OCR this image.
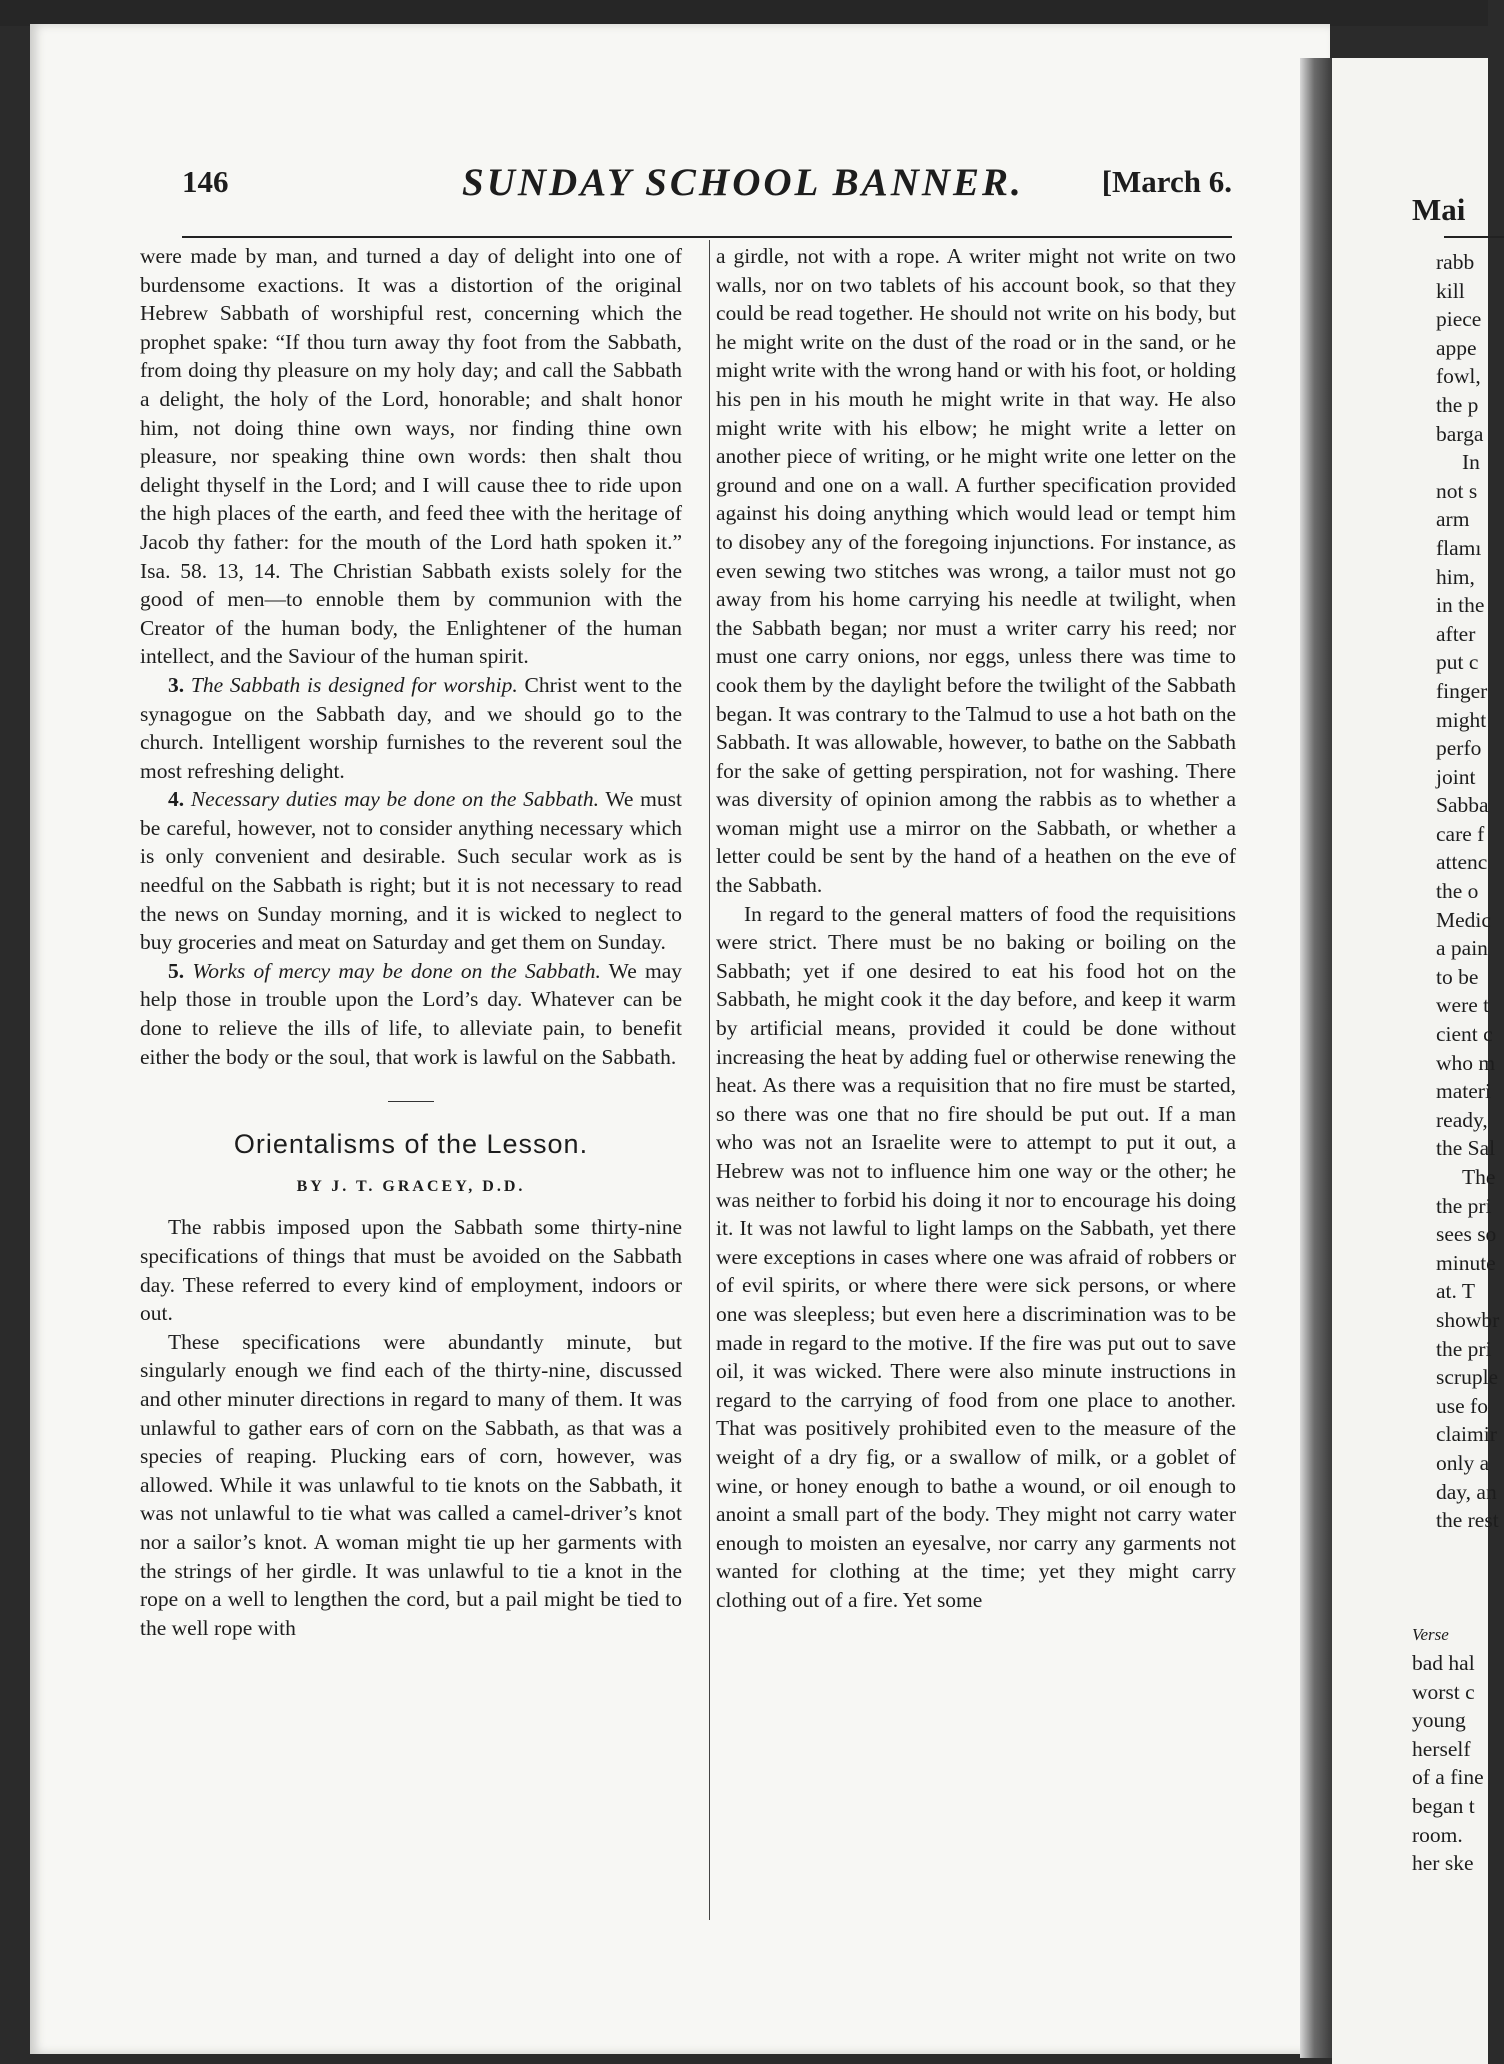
146	SUNDAY SCHOOL BANNER.	[March 6.

were made by man, and turned a day of delight into one of burdensome exactions. It was a distortion of the original Hebrew Sabbath of worshipful rest, concerning which the prophet spake: “If thou turn away thy foot from the Sabbath, from doing thy pleasure on my holy day; and call the Sabbath a delight, the holy of the Lord, honorable; and shalt honor him, not doing thine own ways, nor finding thine own pleasure, nor speaking thine own words: then shalt thou delight thyself in the Lord; and I will cause thee to ride upon the high places of the earth, and feed thee with the heritage of Jacob thy father: for the mouth of the Lord hath spoken it.” Isa. 58. 13, 14. The Christian Sabbath exists solely for the good of men—to ennoble them by communion with the Creator of the human body, the Enlightener of the human intellect, and the Saviour of the human spirit.

3. The Sabbath is designed for worship. Christ went to the synagogue on the Sabbath day, and we should go to the church. Intelligent worship furnishes to the reverent soul the most refreshing delight.

4. Necessary duties may be done on the Sabbath. We must be careful, however, not to consider anything necessary which is only convenient and desirable. Such secular work as is needful on the Sabbath is right; but it is not necessary to read the news on Sunday morning, and it is wicked to neglect to buy groceries and meat on Saturday and get them on Sunday.

5. Works of mercy may be done on the Sabbath. We may help those in trouble upon the Lord’s day. Whatever can be done to relieve the ills of life, to alleviate pain, to benefit either the body or the soul, that work is lawful on the Sabbath.

Orientalisms of the Lesson.
BY J. T. GRACEY, D.D.

The rabbis imposed upon the Sabbath some thirty-nine specifications of things that must be avoided on the Sabbath day. These referred to every kind of employment, indoors or out.

These specifications were abundantly minute, but singularly enough we find each of the thirty-nine, discussed and other minuter directions in regard to many of them. It was unlawful to gather ears of corn on the Sabbath, as that was a species of reaping. Plucking ears of corn, however, was allowed. While it was unlawful to tie knots on the Sabbath, it was not unlawful to tie what was called a camel-driver’s knot nor a sailor’s knot. A woman might tie up her garments with the strings of her girdle. It was unlawful to tie a knot in the rope on a well to lengthen the cord, but a pail might be tied to the well rope with

a girdle, not with a rope. A writer might not write on two walls, nor on two tablets of his account book, so that they could be read together. He should not write on his body, but he might write on the dust of the road or in the sand, or he might write with the wrong hand or with his foot, or holding his pen in his mouth he might write in that way. He also might write with his elbow; he might write a letter on another piece of writing, or he might write one letter on the ground and one on a wall. A further specification provided against his doing anything which would lead or tempt him to disobey any of the foregoing injunctions. For instance, as even sewing two stitches was wrong, a tailor must not go away from his home carrying his needle at twilight, when the Sabbath began; nor must a writer carry his reed; nor must one carry onions, nor eggs, unless there was time to cook them by the daylight before the twilight of the Sabbath began. It was contrary to the Talmud to use a hot bath on the Sabbath. It was allowable, however, to bathe on the Sabbath for the sake of getting perspiration, not for washing. There was diversity of opinion among the rabbis as to whether a woman might use a mirror on the Sabbath, or whether a letter could be sent by the hand of a heathen on the eve of the Sabbath.

In regard to the general matters of food the requisitions were strict. There must be no baking or boiling on the Sabbath; yet if one desired to eat his food hot on the Sabbath, he might cook it the day before, and keep it warm by artificial means, provided it could be done without increasing the heat by adding fuel or otherwise renewing the heat. As there was a requisition that no fire must be started, so there was one that no fire should be put out. If a man who was not an Israelite were to attempt to put it out, a Hebrew was not to influence him one way or the other; he was neither to forbid his doing it nor to encourage his doing it. It was not lawful to light lamps on the Sabbath, yet there were exceptions in cases where one was afraid of robbers or of evil spirits, or where there were sick persons, or where one was sleepless; but even here a discrimination was to be made in regard to the motive. If the fire was put out to save oil, it was wicked. There were also minute instructions in regard to the carrying of food from one place to another. That was positively prohibited even to the measure of the weight of a dry fig, or a swallow of milk, or a goblet of wine, or honey enough to bathe a wound, or oil enough to anoint a small part of the body. They might not carry water enough to moisten an eyesalve, nor carry any garments not wanted for clothing at the time; yet they might carry clothing out of a fire. Yet some

Mai
rabb
kill
piece
appe
fowl,
the p
barga
In
not s
arm
flamı
him,
in the
after
put c
finger
might
perfo
joint
Sabba
care f
attenc
the o
Medic
a pain
to be
were t
cient c
who m
materi
ready,
the Sal
The
the pri
sees so
minute
at. T
showbr
the pri
scruple
use fo
claimir
only a
day, an
the rest
Verse
bad hal
worst c
young
herself
of a fine
began t
room.
her ske
